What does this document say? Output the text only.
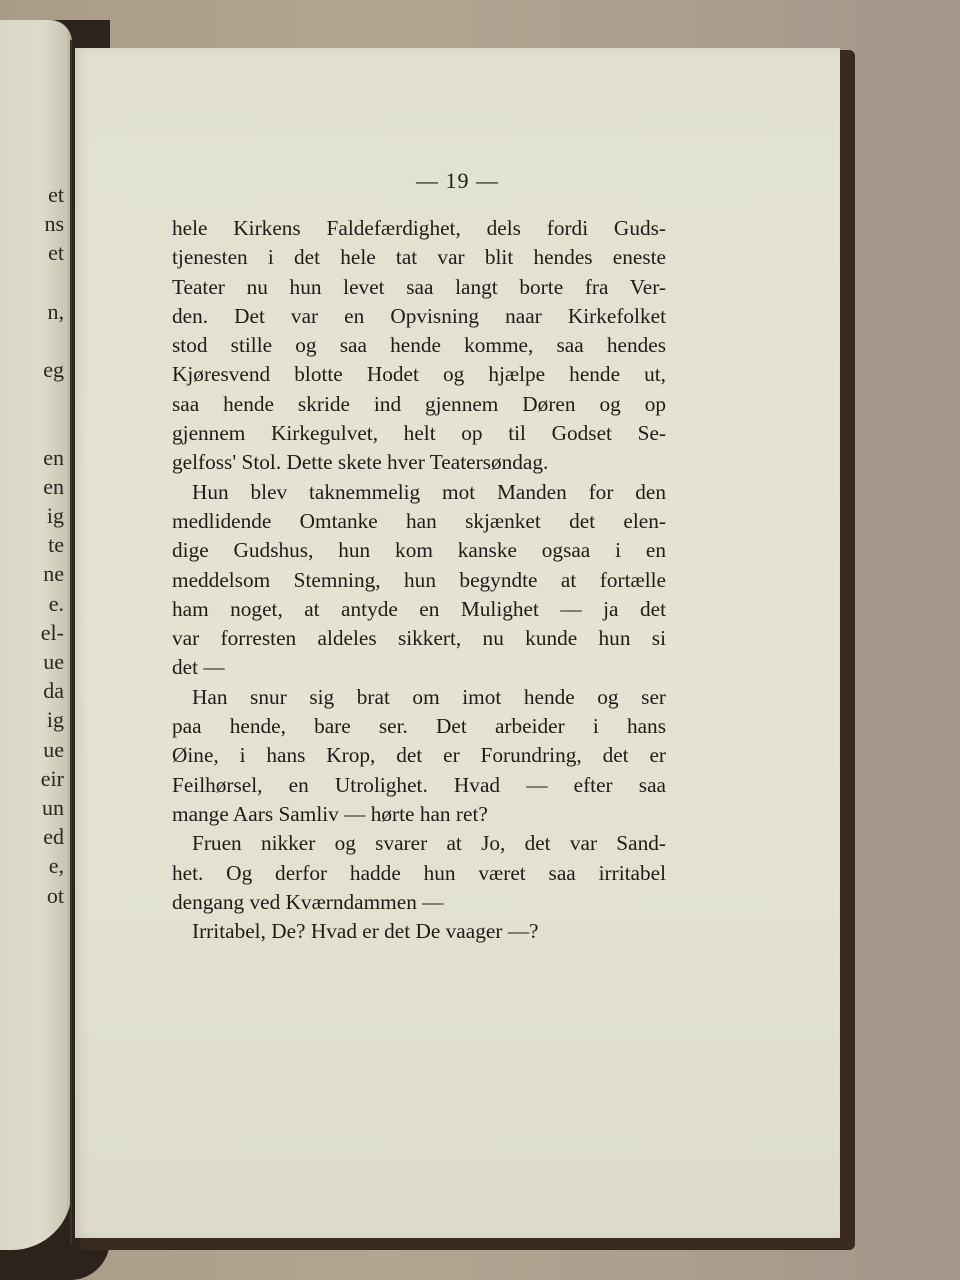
et
ns
et
n,
eg
en
en
ig
te
ne
e.
el-
ue
da
ig
ue
eir
un
ed
e,
ot
— 19 —
hele Kirkens Faldefærdighet, dels fordi Guds-
tjenesten i det hele tat var blit hendes eneste
Teater nu hun levet saa langt borte fra Ver-
den. Det var en Opvisning naar Kirkefolket
stod stille og saa hende komme, saa hendes
Kjøresvend blotte Hodet og hjælpe hende ut,
saa hende skride ind gjennem Døren og op
gjennem Kirkegulvet, helt op til Godset Se-
gelfoss' Stol. Dette skete hver Teatersøndag.
Hun blev taknemmelig mot Manden for den
medlidende Omtanke han skjænket det elen-
dige Gudshus, hun kom kanske ogsaa i en
meddelsom Stemning, hun begyndte at fortælle
ham noget, at antyde en Mulighet — ja det
var forresten aldeles sikkert, nu kunde hun si
det —
Han snur sig brat om imot hende og ser
paa hende, bare ser. Det arbeider i hans
Øine, i hans Krop, det er Forundring, det er
Feilhørsel, en Utrolighet. Hvad — efter saa
mange Aars Samliv — hørte han ret?
Fruen nikker og svarer at Jo, det var Sand-
het. Og derfor hadde hun været saa irritabel
dengang ved Kværndammen —
Irritabel, De? Hvad er det De vaager —?
